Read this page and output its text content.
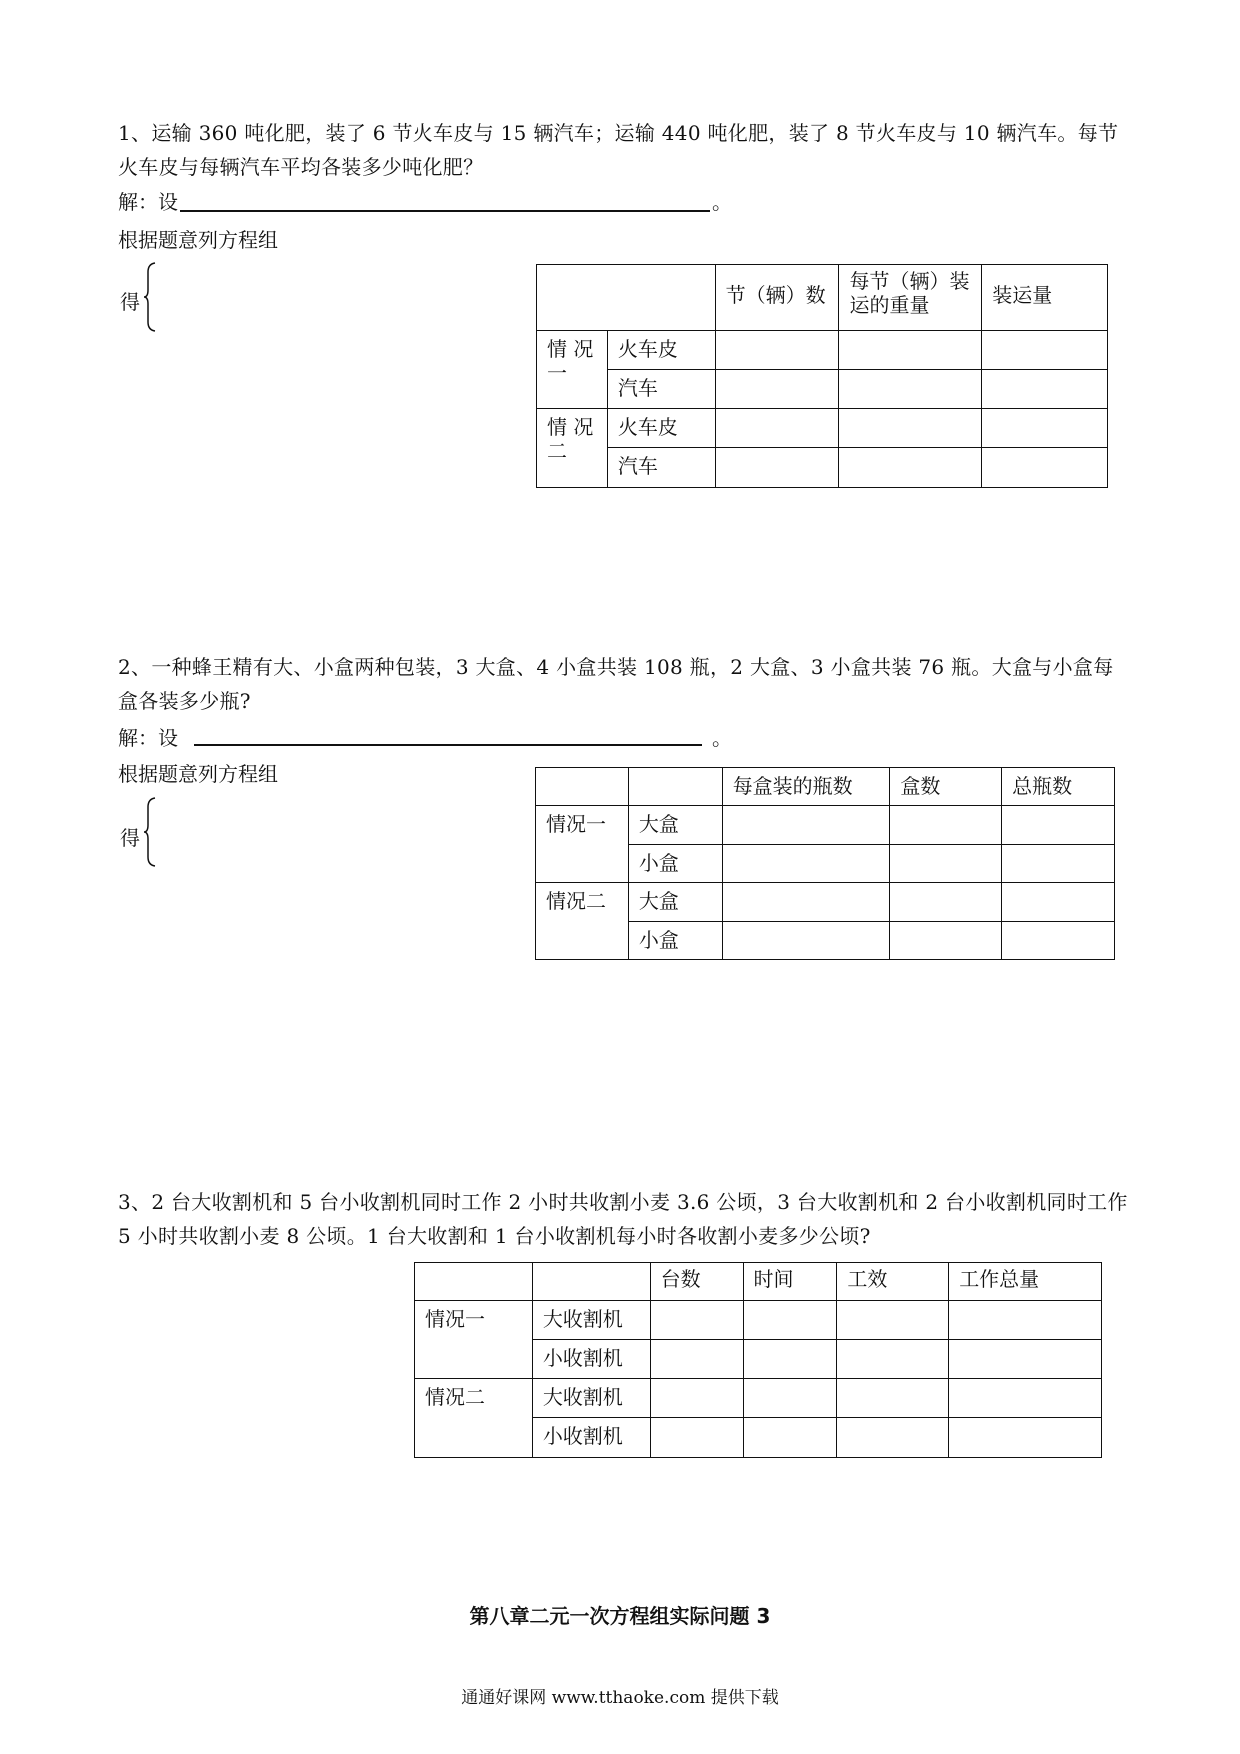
1、运输 360 吨化肥，装了 6 节火车皮与 15 辆汽车；运输 440 吨化肥，装了 8 节火车皮与 10 辆汽车。每节火车皮与每辆汽车平均各装多少吨化肥？
解：设	。
根据题意列方程组
得
		节（辆）数	每节（辆）装运的重量	装运量
情 况 一	火车皮			
	汽车			
情 况 二	火车皮			
	汽车			
2、一种蜂王精有大、小盒两种包装，3 大盒、4 小盒共装 108 瓶，2 大盒、3 小盒共装 76 瓶。大盒与小盒每盒各装多少瓶?
解：设	。
根据题意列方程组
得
		每盒装的瓶数	盒数	总瓶数
情况一	大盒			
	小盒			
情况二	大盒			
	小盒			
3、2 台大收割机和 5 台小收割机同时工作 2 小时共收割小麦 3.6 公顷，3 台大收割机和 2 台小收割机同时工作 5 小时共收割小麦 8 公顷。1 台大收割和 1 台小收割机每小时各收割小麦多少公顷?
		台数	时间	工效	工作总量
情况一	大收割机				
	小收割机				
情况二	大收割机				
	小收割机				
第八章二元一次方程组实际问题 3
通通好课网 www.tthaoke.com 提供下载
